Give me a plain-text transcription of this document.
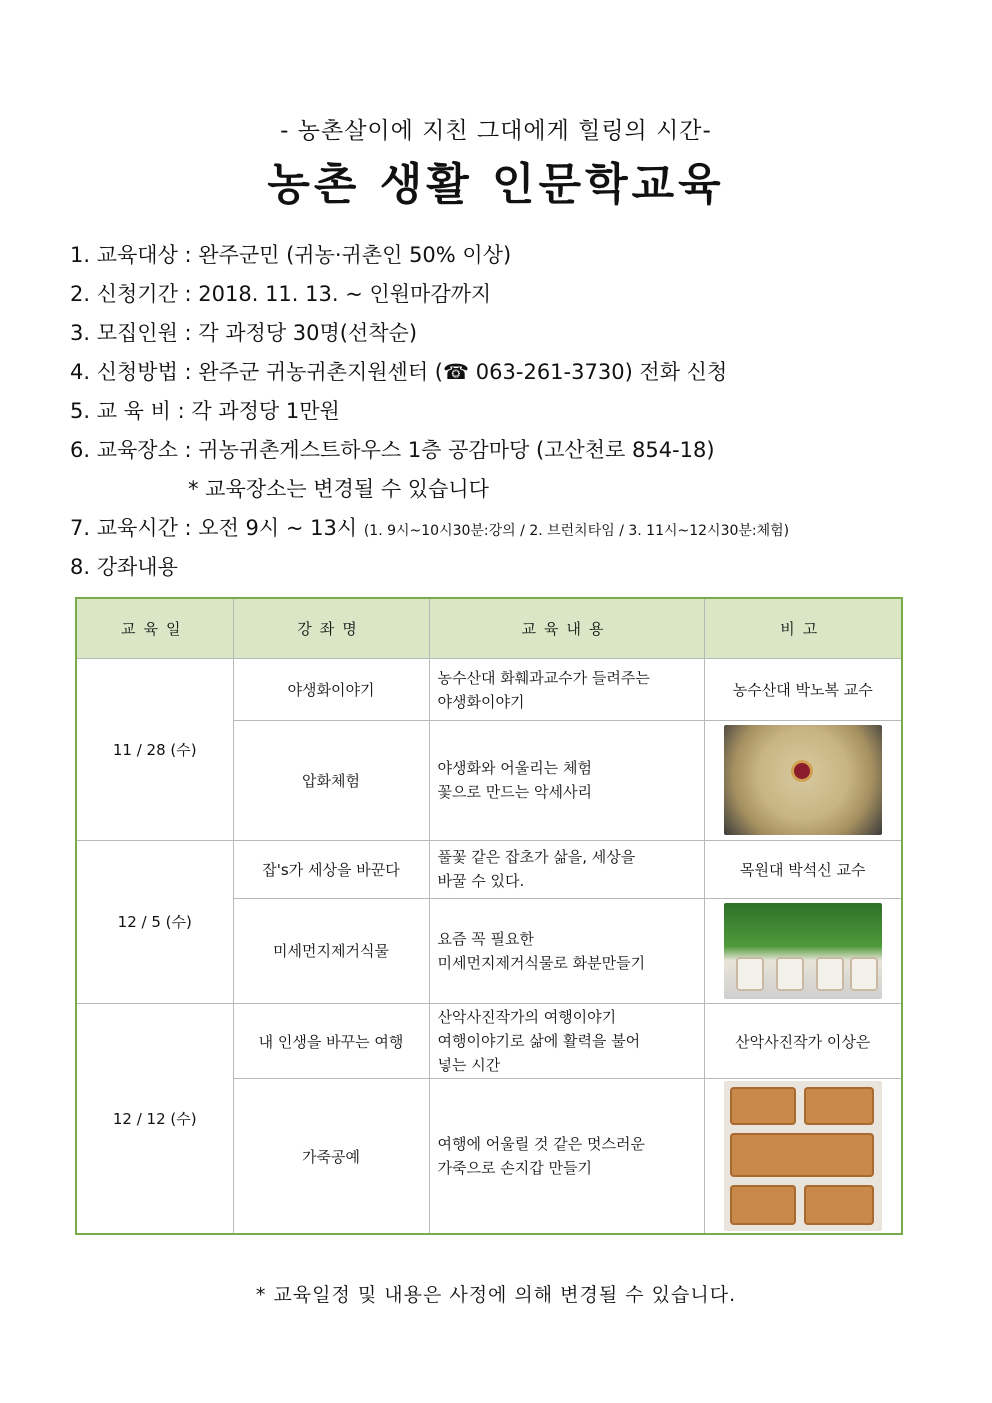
- 농촌살이에 지친 그대에게 힐링의 시간-
농촌 생활 인문학교육
1. 교육대상 : 완주군민 (귀농·귀촌인 50% 이상)
2. 신청기간 : 2018. 11. 13. ~ 인원마감까지
3. 모집인원 : 각 과정당 30명(선착순)
4. 신청방법 : 완주군 귀농귀촌지원센터 (☎ 063-261-3730) 전화 신청
5. 교 육 비 : 각 과정당 1만원
6. 교육장소 : 귀농귀촌게스트하우스 1층 공감마당 (고산천로 854-18)
* 교육장소는 변경될 수 있습니다
7. 교육시간 : 오전 9시 ~ 13시 (1. 9시~10시30분:강의 / 2. 브런치타임 / 3. 11시~12시30분:체험)
8. 강좌내용
교육일	강좌명	교육내용	비고
11 / 28 (수)	야생화이야기	농수산대 화훼과교수가 들려주는
야생화이야기	농수산대 박노복 교수
	압화체험	야생화와 어울리는 체험
꽃으로 만드는 악세사리	

12 / 5 (수)	잡's가 세상을 바꾼다	풀꽃 같은 잡초가 삶을, 세상을
바꿀 수 있다.	목원대 박석신 교수
	미세먼지제거식물	요즘 꼭 필요한
미세먼지제거식물로 화분만들기	

12 / 12 (수)	내 인생을 바꾸는 여행	산악사진작가의 여행이야기
여행이야기로 삶에 활력을 불어
넣는 시간	산악사진작가 이상은
	가죽공예	여행에 어울릴 것 같은 멋스러운
가죽으로 손지갑 만들기	

* 교육일정 및 내용은 사정에 의해 변경될 수 있습니다.
